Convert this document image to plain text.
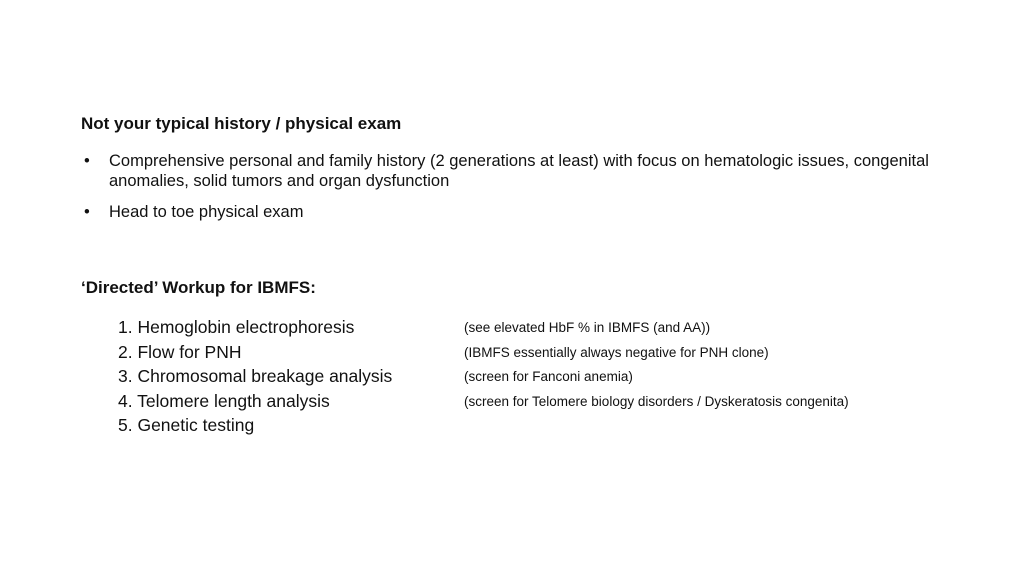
Not your typical history / physical exam
• Comprehensive personal and family history (2 generations at least) with focus on hematologic issues, congenital anomalies, solid tumors and organ dysfunction
• Head to toe physical exam
‘Directed’ Workup for IBMFS:
1. Hemoglobin electrophoresis	(see elevated HbF % in IBMFS (and AA))
2. Flow for PNH	(IBMFS essentially always negative for PNH clone)
3. Chromosomal breakage analysis	(screen for Fanconi anemia)
4. Telomere length analysis	(screen for Telomere biology disorders / Dyskeratosis congenita)
5. Genetic testing
